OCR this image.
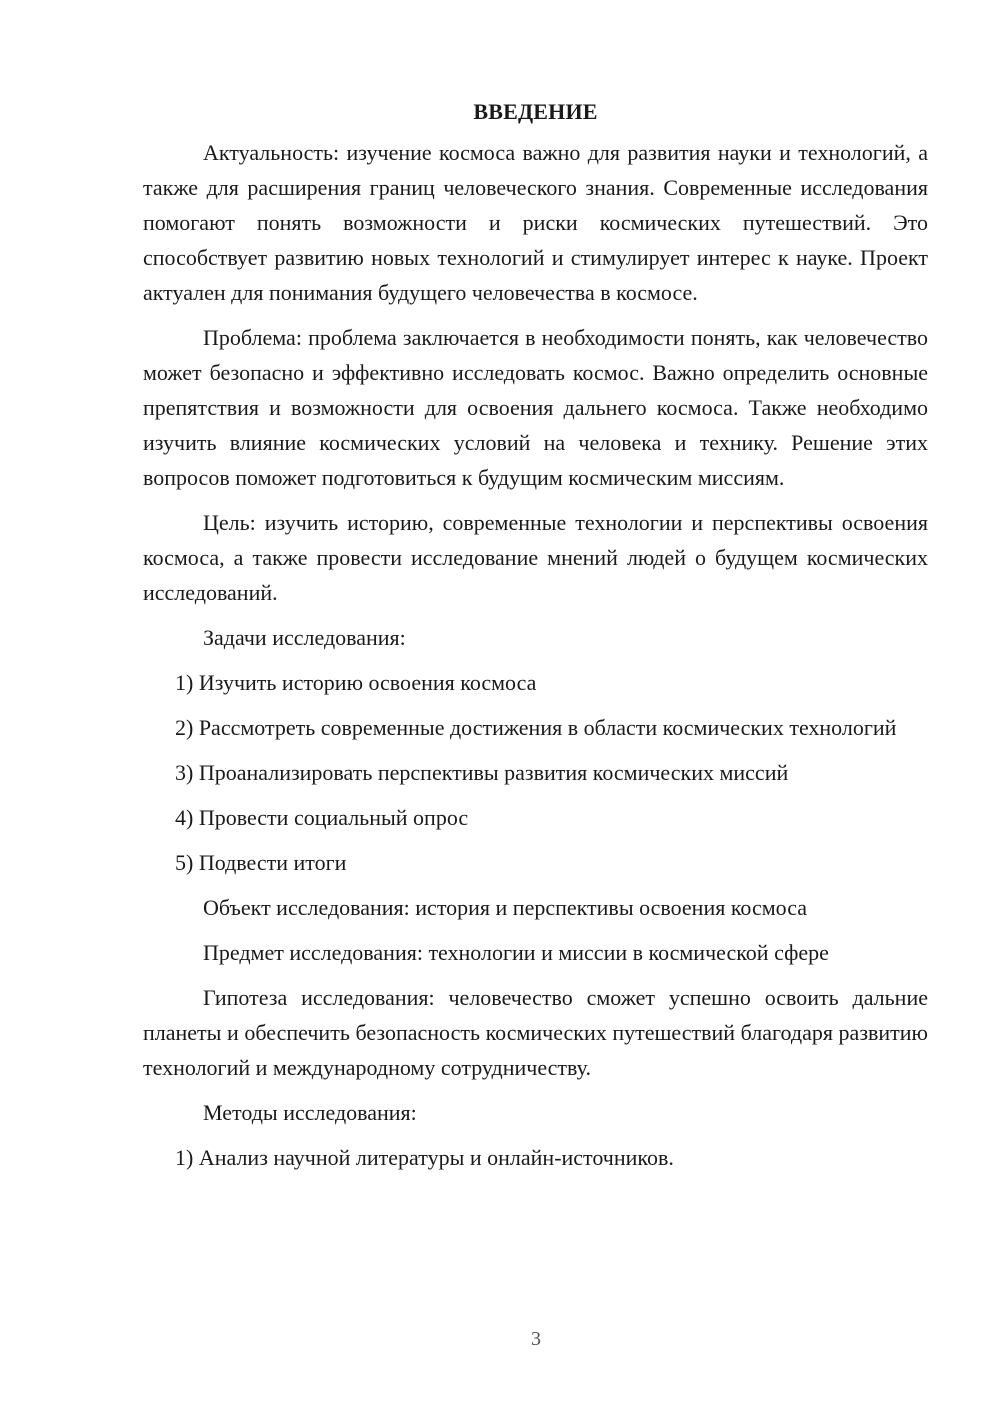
ВВЕДЕНИЕ

Актуальность: изучение космоса важно для развития науки и технологий, а также для расширения границ человеческого знания. Современные исследования помогают понять возможности и риски космических путешествий. Это способствует развитию новых технологий и стимулирует интерес к науке. Проект актуален для понимания будущего человечества в космосе.

Проблема: проблема заключается в необходимости понять, как человечество может безопасно и эффективно исследовать космос. Важно определить основные препятствия и возможности для освоения дальнего космоса. Также необходимо изучить влияние космических условий на человека и технику. Решение этих вопросов поможет подготовиться к будущим космическим миссиям.

Цель: изучить историю, современные технологии и перспективы освоения космоса, а также провести исследование мнений людей о будущем космических исследований.

Задачи исследования:

1) Изучить историю освоения космоса

2) Рассмотреть современные достижения в области космических технологий

3) Проанализировать перспективы развития космических миссий

4) Провести социальный опрос

5) Подвести итоги

Объект исследования: история и перспективы освоения космоса

Предмет исследования: технологии и миссии в космической сфере

Гипотеза исследования: человечество сможет успешно освоить дальние планеты и обеспечить безопасность космических путешествий благодаря развитию технологий и международному сотрудничеству.

Методы исследования:

1) Анализ научной литературы и онлайн-источников.

3
